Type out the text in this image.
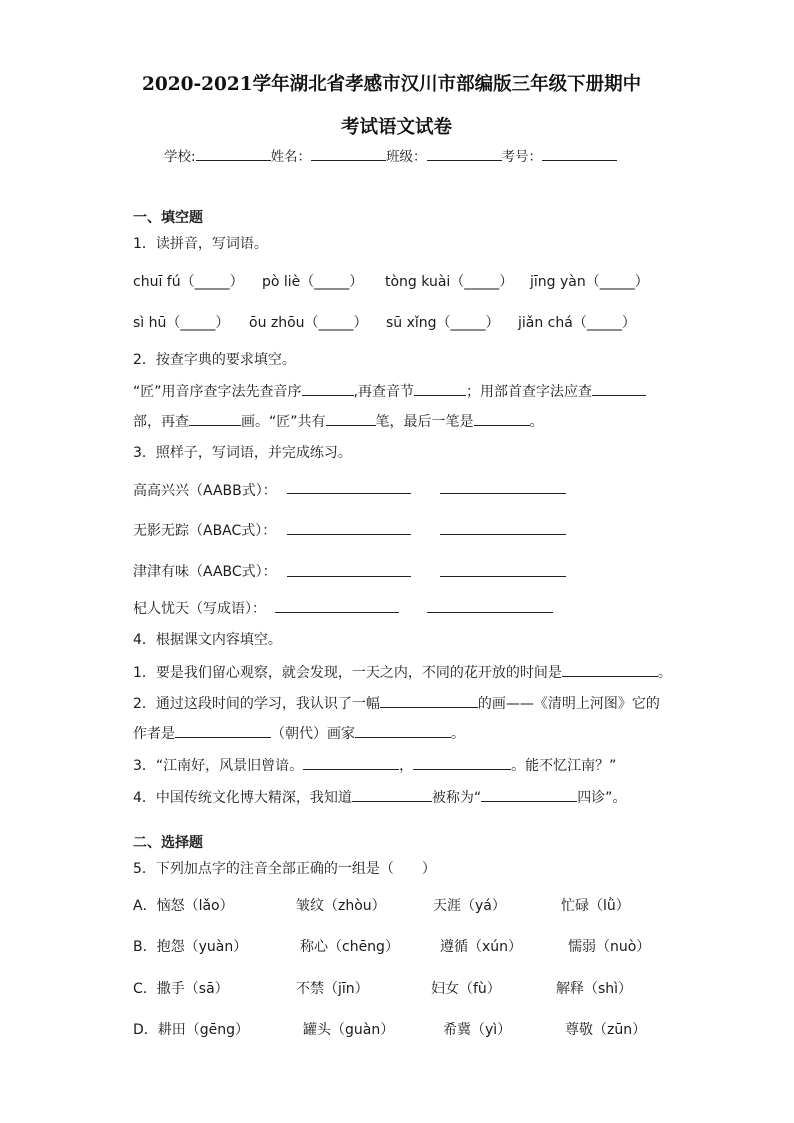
2020-2021学年湖北省孝感市汉川市部编版三年级下册期中
考试语文试卷
学校:	姓名：	班级：	考号：
一、填空题
1．读拼音，写词语。
chuī fú（_____） pò liè（_____） tòng kuài（_____） jīng yàn（_____）
sì hū（_____） ōu zhōu（_____） sū xǐng（_____） jiǎn chá（_____）
2．按查字典的要求填空。
“匠”用音序查字法先查音序	,再查音节	；用部首查字法应查
部，再查	画。“匠”共有	笔，最后一笔是	。
3．照样子，写词语，并完成练习。
高高兴兴（AABB式）：
无影无踪（ABAC式）：
津津有味（AABC式）：
杞人忧天（写成语）：
4．根据课文内容填空。
1．要是我们留心观察，就会发现，一天之内，不同的花开放的时间是	。
2．通过这段时间的学习，我认识了一幅	的画——《清明上河图》它的
作者是	（朝代）画家	。
3．“江南好，风景旧曾谙。	，	。能不忆江南？”
4．中国传统文化博大精深，我知道	被称为“	四诊”。
二、选择题
5．下列加点字的注音全部正确的一组是（　　）
A．恼怒（lǎo）	皱纹（zhòu）	天涯（yá）	忙碌（lǜ）
B．抱怨（yuàn）	称心（chēng）	遵循（xún）	懦弱（nuò）
C．撒手（sā）	不禁（jīn）	妇女（fù）	解释（shì）
D．耕田（gēng）	罐头（guàn）	希冀（yì）	尊敬（zūn）
